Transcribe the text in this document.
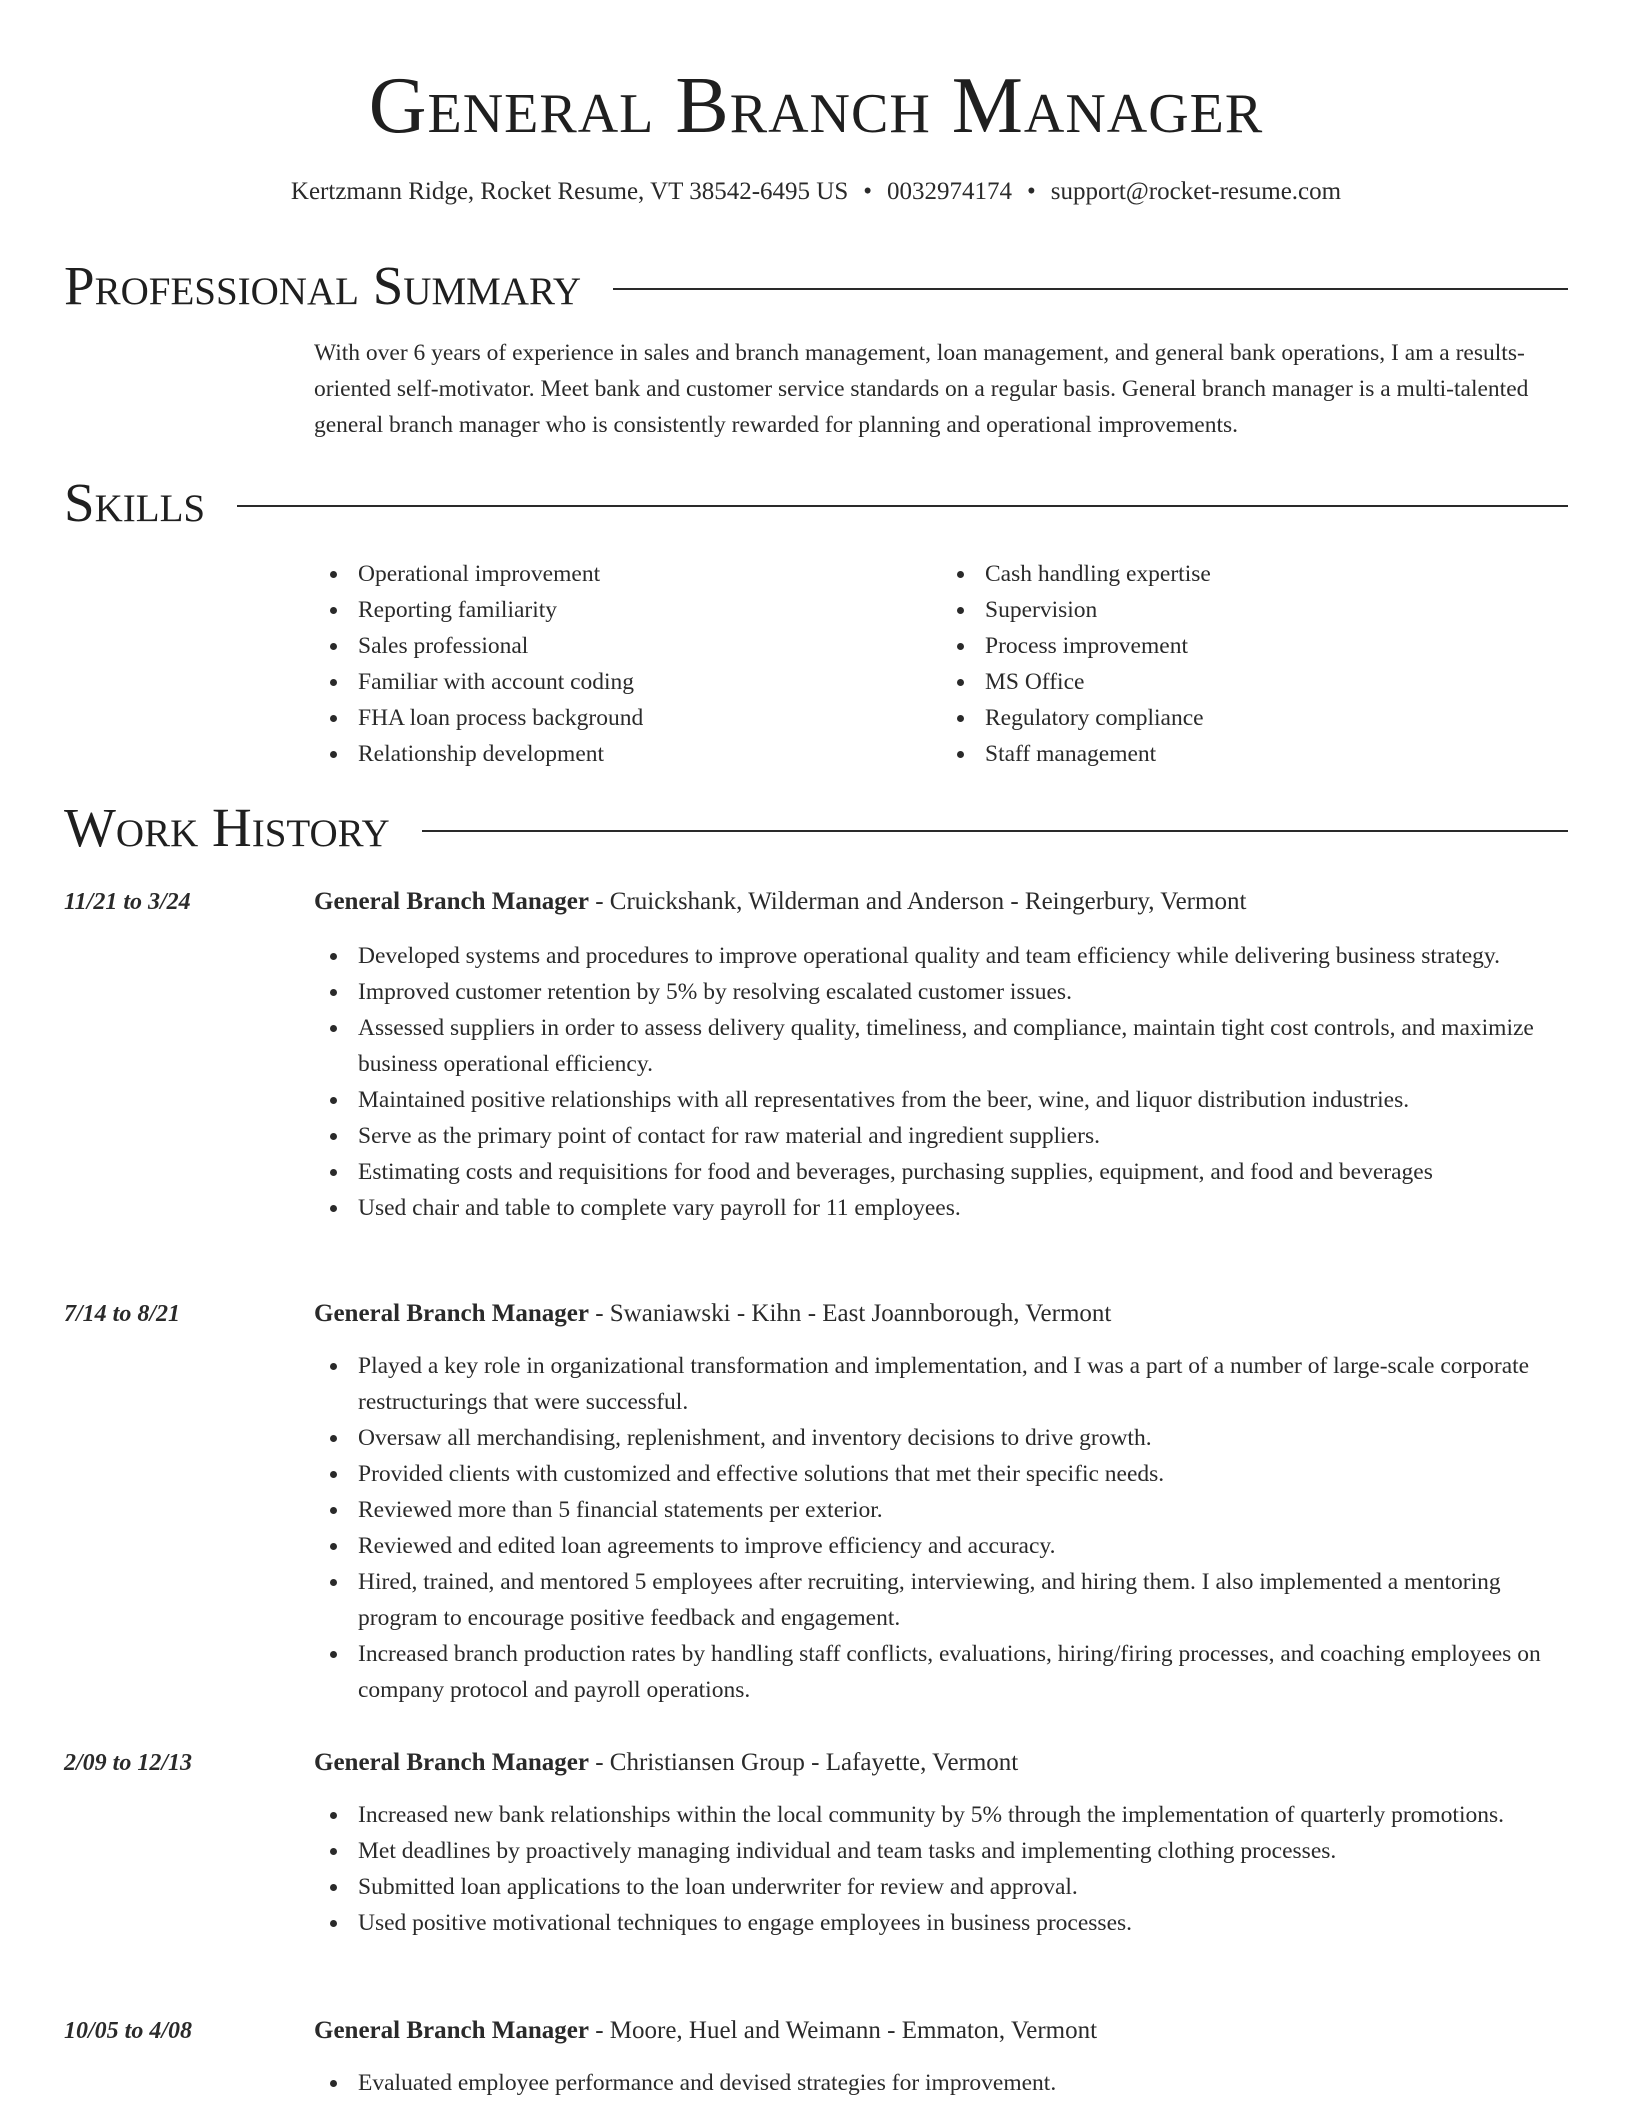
General Branch Manager
Kertzmann Ridge, Rocket Resume, VT 38542-6495 US • 0032974174 • support@rocket-resume.com
Professional Summary
With over 6 years of experience in sales and branch management, loan management, and general bank operations, I am a results-oriented self-motivator. Meet bank and customer service standards on a regular basis. General branch manager is a multi-talented general branch manager who is consistently rewarded for planning and operational improvements.
Skills
Operational improvement
Reporting familiarity
Sales professional
Familiar with account coding
FHA loan process background
Relationship development
Cash handling expertise
Supervision
Process improvement
MS Office
Regulatory compliance
Staff management
Work History
11/21 to 3/24	General Branch Manager - Cruickshank, Wilderman and Anderson - Reingerbury, Vermont
Developed systems and procedures to improve operational quality and team efficiency while delivering business strategy.
Improved customer retention by 5% by resolving escalated customer issues.
Assessed suppliers in order to assess delivery quality, timeliness, and compliance, maintain tight cost controls, and maximize business operational efficiency.
Maintained positive relationships with all representatives from the beer, wine, and liquor distribution industries.
Serve as the primary point of contact for raw material and ingredient suppliers.
Estimating costs and requisitions for food and beverages, purchasing supplies, equipment, and food and beverages
Used chair and table to complete vary payroll for 11 employees.
7/14 to 8/21	General Branch Manager - Swaniawski - Kihn - East Joannborough, Vermont
Played a key role in organizational transformation and implementation, and I was a part of a number of large-scale corporate restructurings that were successful.
Oversaw all merchandising, replenishment, and inventory decisions to drive growth.
Provided clients with customized and effective solutions that met their specific needs.
Reviewed more than 5 financial statements per exterior.
Reviewed and edited loan agreements to improve efficiency and accuracy.
Hired, trained, and mentored 5 employees after recruiting, interviewing, and hiring them. I also implemented a mentoring program to encourage positive feedback and engagement.
Increased branch production rates by handling staff conflicts, evaluations, hiring/firing processes, and coaching employees on company protocol and payroll operations.
2/09 to 12/13	General Branch Manager - Christiansen Group - Lafayette, Vermont
Increased new bank relationships within the local community by 5% through the implementation of quarterly promotions.
Met deadlines by proactively managing individual and team tasks and implementing clothing processes.
Submitted loan applications to the loan underwriter for review and approval.
Used positive motivational techniques to engage employees in business processes.
10/05 to 4/08	General Branch Manager - Moore, Huel and Weimann - Emmaton, Vermont
Evaluated employee performance and devised strategies for improvement.
